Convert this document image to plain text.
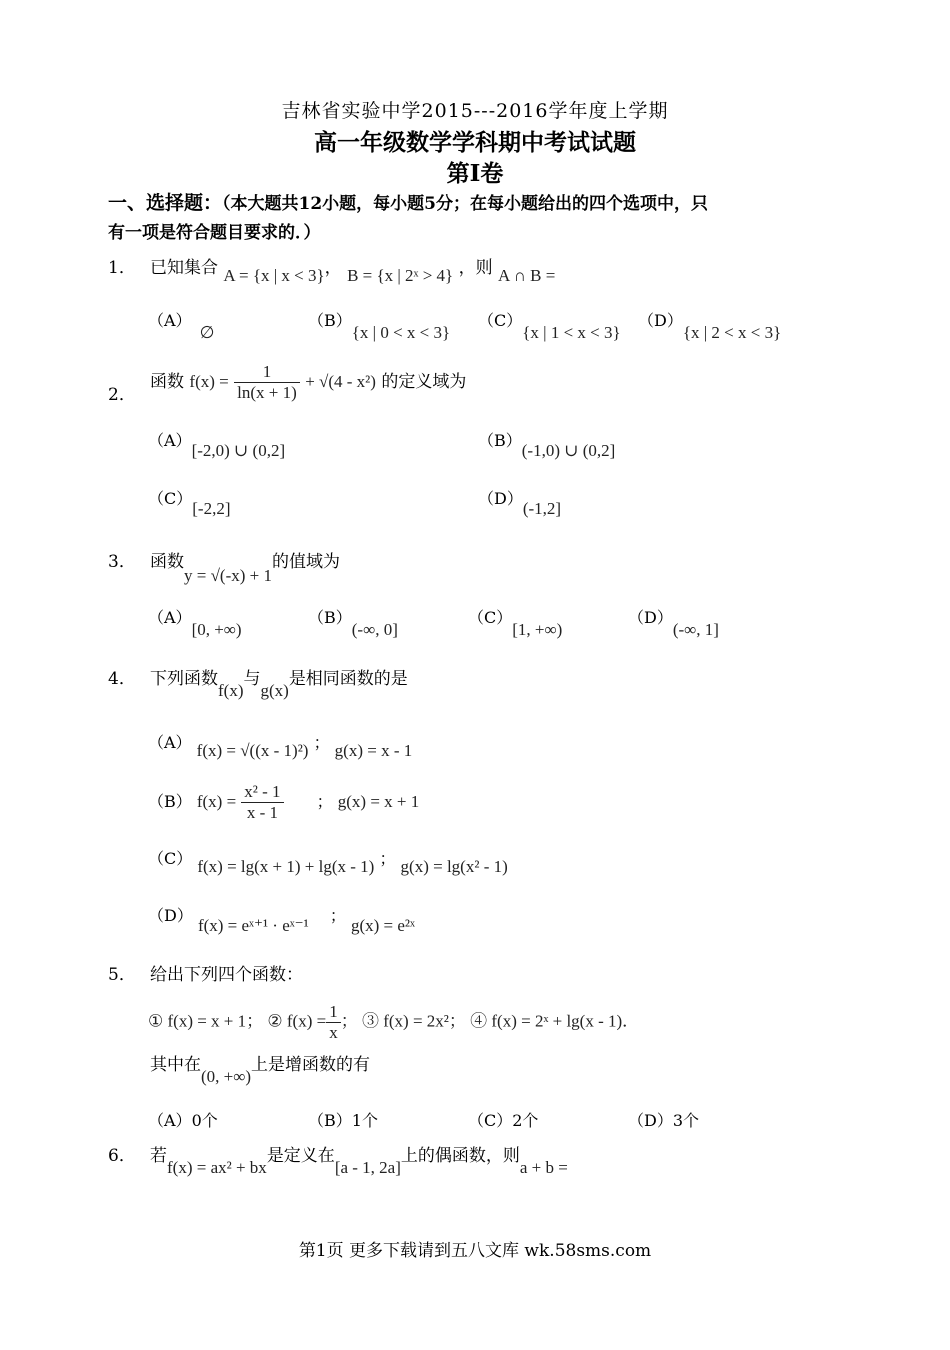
吉林省实验中学2015---2016学年度上学期
高一年级数学学科期中考试试题
第Ⅰ卷
一、选择题：（本大题共12小题，每小题5分；在每小题给出的四个选项中，只
有一项是符合题目要求的．）
1． 已知集合 A = {x | x < 3}， B = {x | 2ˣ > 4} ，则 A ∩ B =
（A）∅
（B）{x | 0 < x < 3}
（C）{x | 1 < x < 3}
（D）{x | 2 < x < 3}
2．
函数 $f(x) = \frac{1}{\ln(x + 1)} + √(4 - x^2)$ 的定义域为
（A）[-2,0) ∪ (0,2]
（B）(-1,0) ∪ (0,2]
（C）[-2,2]
（D）(-1,2]
3． 函数y = √(-x) + 1的值域为
（A）[0, +∞)
（B）(-∞, 0]
（C）[1, +∞)
（D）(-∞, 1]
4． 下列函数f(x)与g(x)是相同函数的是
（A） f(x) = √((x - 1)²) ； g(x) = x - 1
（B） $f(x) = \frac{\text{x² - 1}}{x - 1}$ ； g(x) = x + 1
（C） f(x) = lg(x + 1) + lg(x - 1) ； g(x) = lg(x² - 1)
（D） f(x) = eˣ⁺¹ · eˣ⁻¹ ； g(x) = e²ˣ
5． 给出下列四个函数：
① f(x) = x + 1； ② $f(x) = \frac{1}{x}$ ； ③ f(x) = 2x²； ④ f(x) = 2ˣ + lg(x - 1)．
其中在(0, +∞)上是增函数的有
（A）0个	（B）1个	（C）2个	（D）3个
6． 若f(x) = ax² + bx是定义在[a - 1, 2a]上的偶函数，则a + b =
第1页 更多下载请到五八文库 wk.58sms.com
